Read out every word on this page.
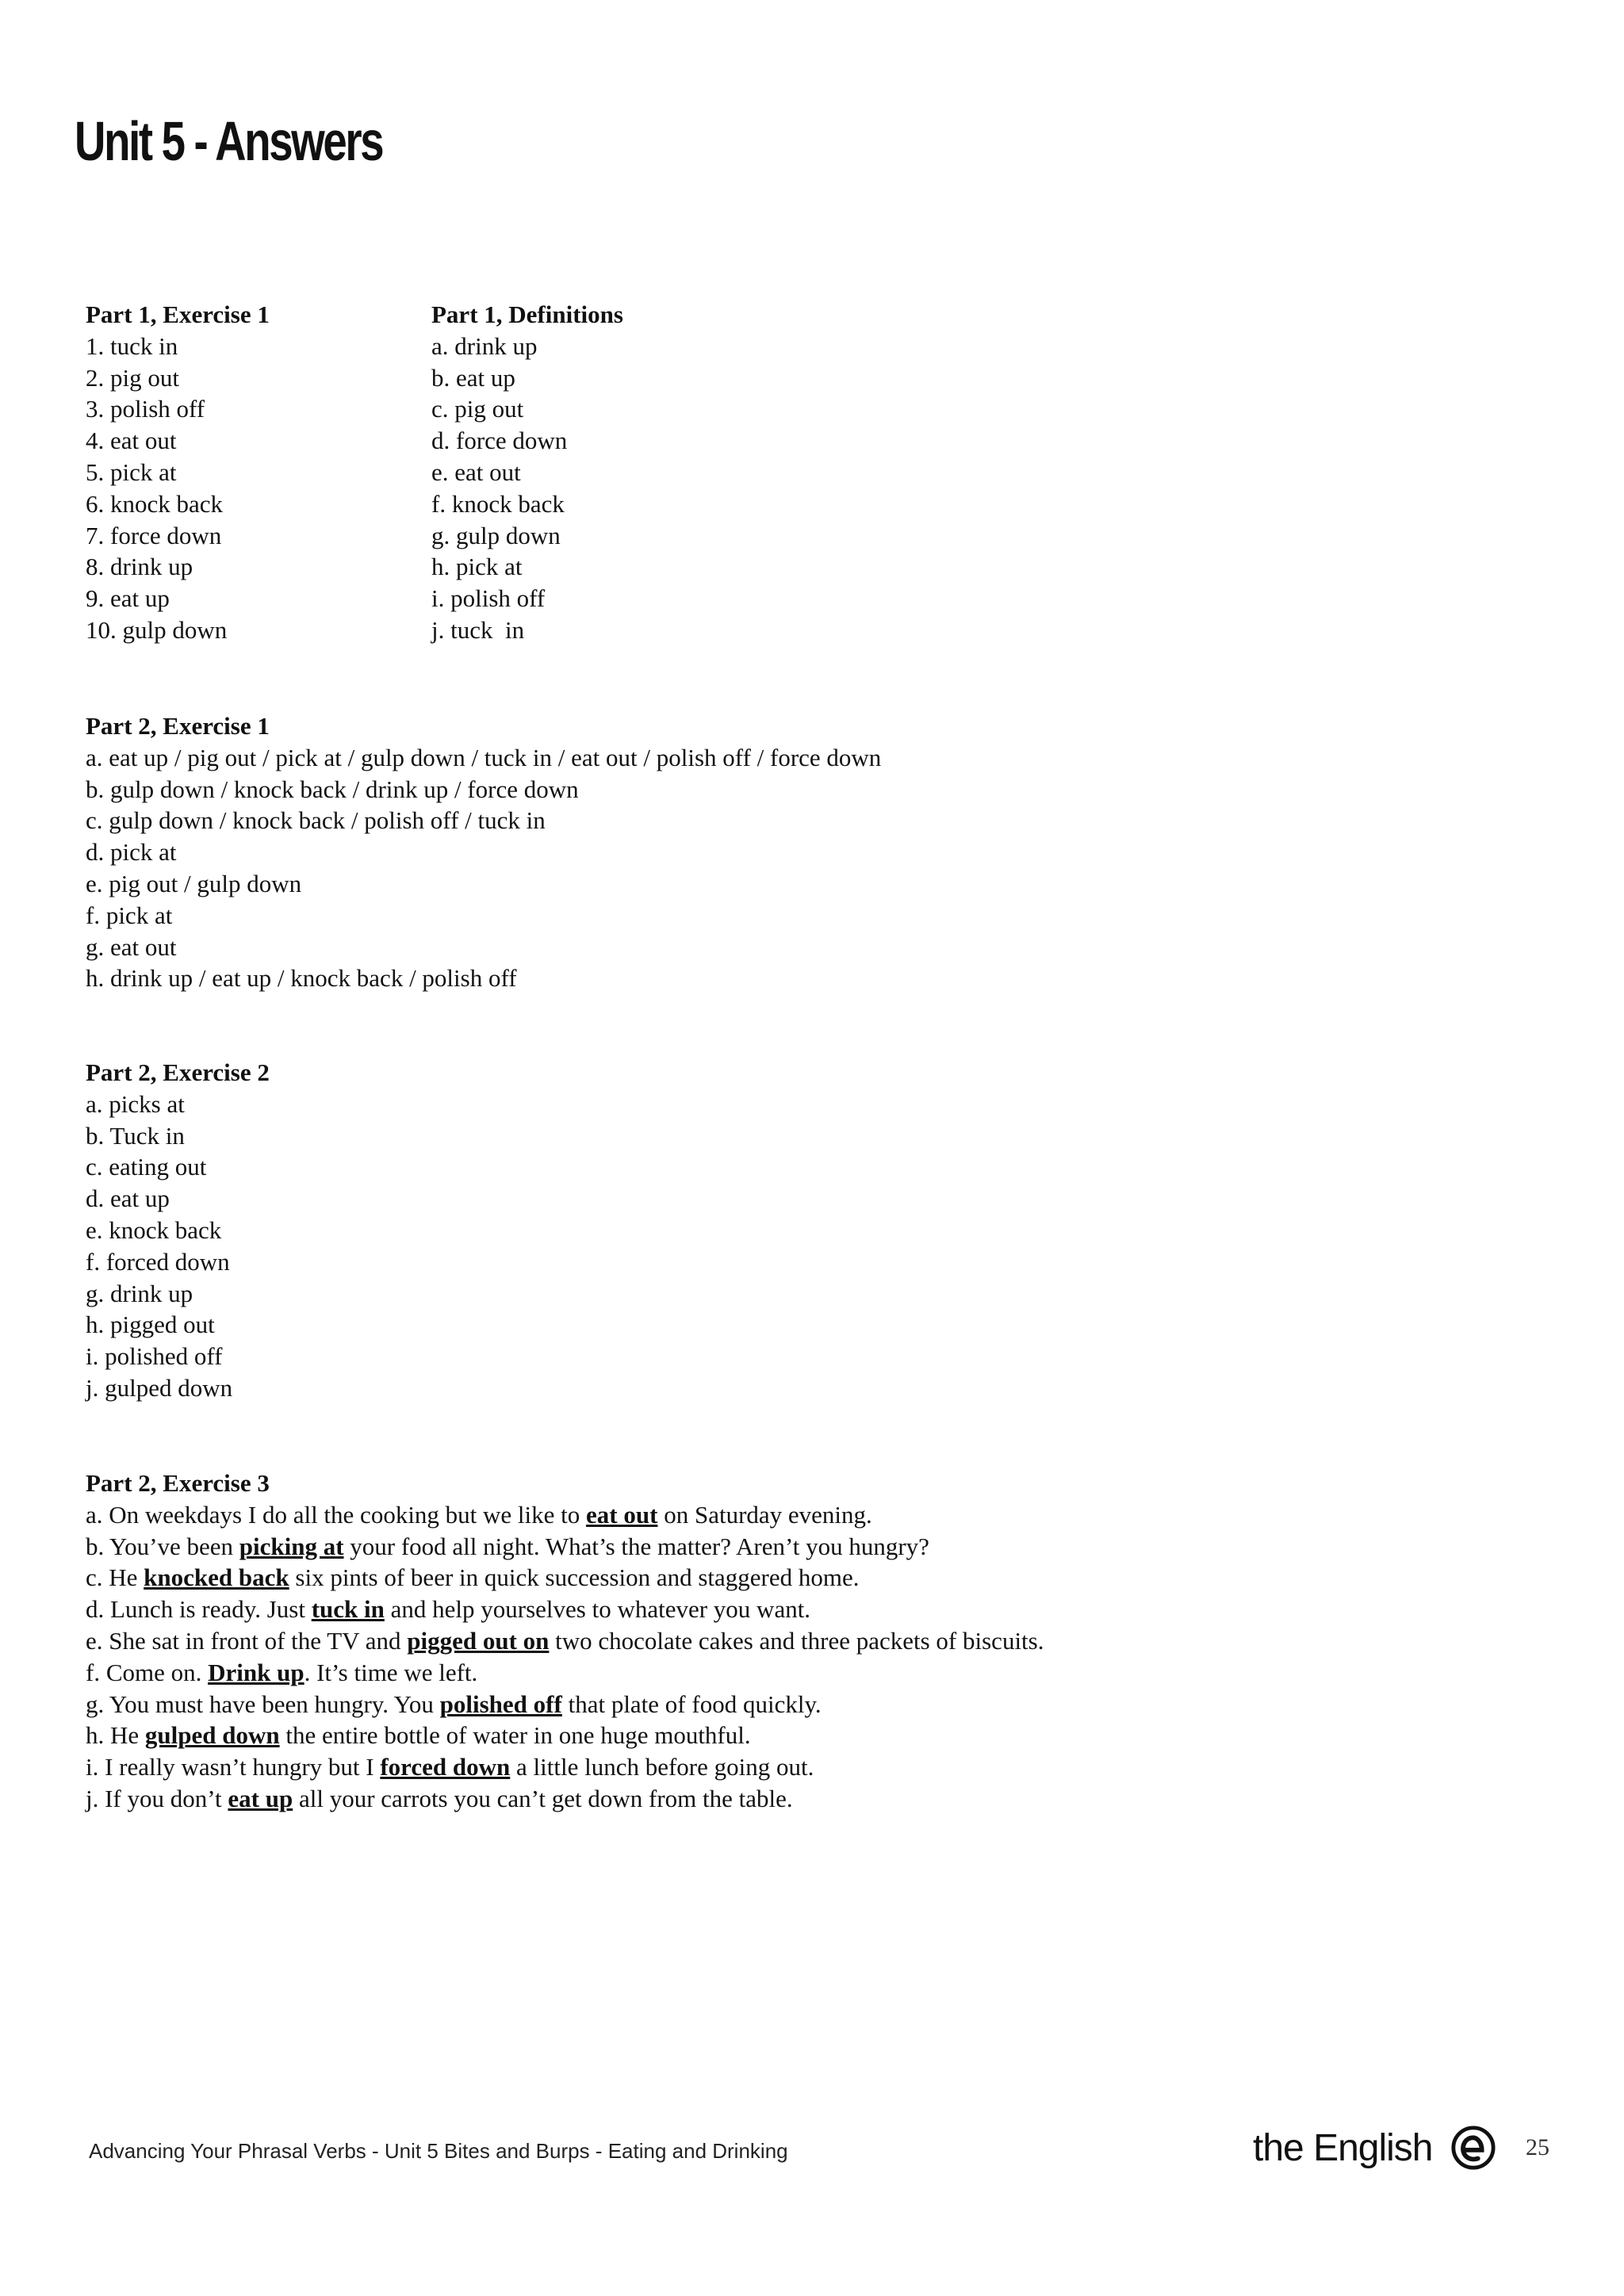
Unit 5 - Answers
Part 1, Exercise 1
1. tuck in
2. pig out
3. polish off
4. eat out
5. pick at
6. knock back
7. force down
8. drink up
9. eat up
10. gulp down
Part 1, Definitions
a. drink up
b. eat up
c. pig out
d. force down
e. eat out
f. knock back
g. gulp down
h. pick at
i. polish off
j. tuck  in
Part 2, Exercise 1
a. eat up / pig out / pick at / gulp down / tuck in / eat out / polish off / force down
b. gulp down / knock back / drink up / force down
c. gulp down / knock back / polish off / tuck in
d. pick at
e. pig out / gulp down
f. pick at
g. eat out
h. drink up / eat up / knock back / polish off
Part 2, Exercise 2
a. picks at
b. Tuck in
c. eating out
d. eat up
e. knock back
f. forced down
g. drink up
h. pigged out
i. polished off
j. gulped down
Part 2, Exercise 3
a. On weekdays I do all the cooking but we like to eat out on Saturday evening.
b. You’ve been picking at your food all night. What’s the matter? Aren’t you hungry?
c. He knocked back six pints of beer in quick succession and staggered home.
d. Lunch is ready. Just tuck in and help yourselves to whatever you want.
e. She sat in front of the TV and pigged out on two chocolate cakes and three packets of biscuits.
f. Come on. Drink up. It’s time we left.
g. You must have been hungry. You polished off that plate of food quickly.
h. He gulped down the entire bottle of water in one huge mouthful.
i. I really wasn’t hungry but I forced down a little lunch before going out.
j. If you don’t eat up all your carrots you can’t get down from the table.
Advancing Your Phrasal Verbs - Unit 5 Bites and Burps - Eating and Drinking	the English	25
